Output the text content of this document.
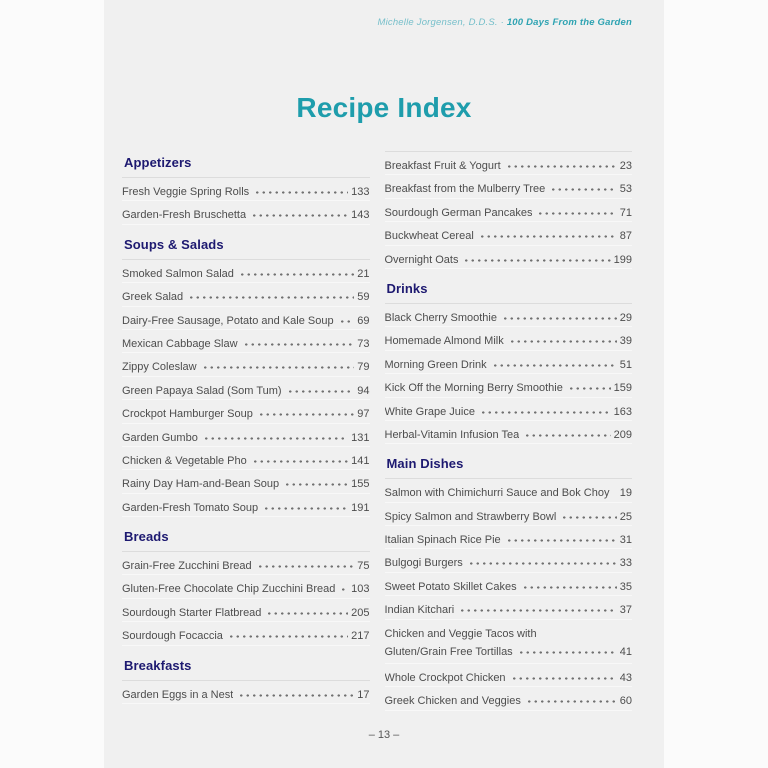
Michelle Jorgensen, D.D.S. · 100 Days From the Garden
Recipe Index
Appetizers
Fresh Veggie Spring Rolls	133
Garden-Fresh Bruschetta	143
Soups & Salads
Smoked Salmon Salad	21
Greek Salad	59
Dairy-Free Sausage, Potato and Kale Soup 69
Mexican Cabbage Slaw	73
Zippy Coleslaw	79
Green Papaya Salad (Som Tum)	94
Crockpot Hamburger Soup	97
Garden Gumbo	131
Chicken & Vegetable Pho	141
Rainy Day Ham-and-Bean Soup	155
Garden-Fresh Tomato Soup	191
Breads
Grain-Free Zucchini Bread	75
Gluten-Free Chocolate Chip Zucchini Bread 103
Sourdough Starter Flatbread	205
Sourdough Focaccia	217
Breakfasts
Garden Eggs in a Nest	17
Breakfast Fruit & Yogurt	23
Breakfast from the Mulberry Tree	53
Sourdough German Pancakes	71
Buckwheat Cereal	87
Overnight Oats	199
Drinks
Black Cherry Smoothie	29
Homemade Almond Milk	39
Morning Green Drink	51
Kick Off the Morning Berry Smoothie	159
White Grape Juice	163
Herbal-Vitamin Infusion Tea	209
Main Dishes
Salmon with Chimichurri Sauce and Bok Choy 19
Spicy Salmon and Strawberry Bowl	25
Italian Spinach Rice Pie	31
Bulgogi Burgers	33
Sweet Potato Skillet Cakes	35
Indian Kitchari	37
Chicken and Veggie Tacos with
Gluten/Grain Free Tortillas	41
Whole Crockpot Chicken	43
Greek Chicken and Veggies	60
– 13 –
